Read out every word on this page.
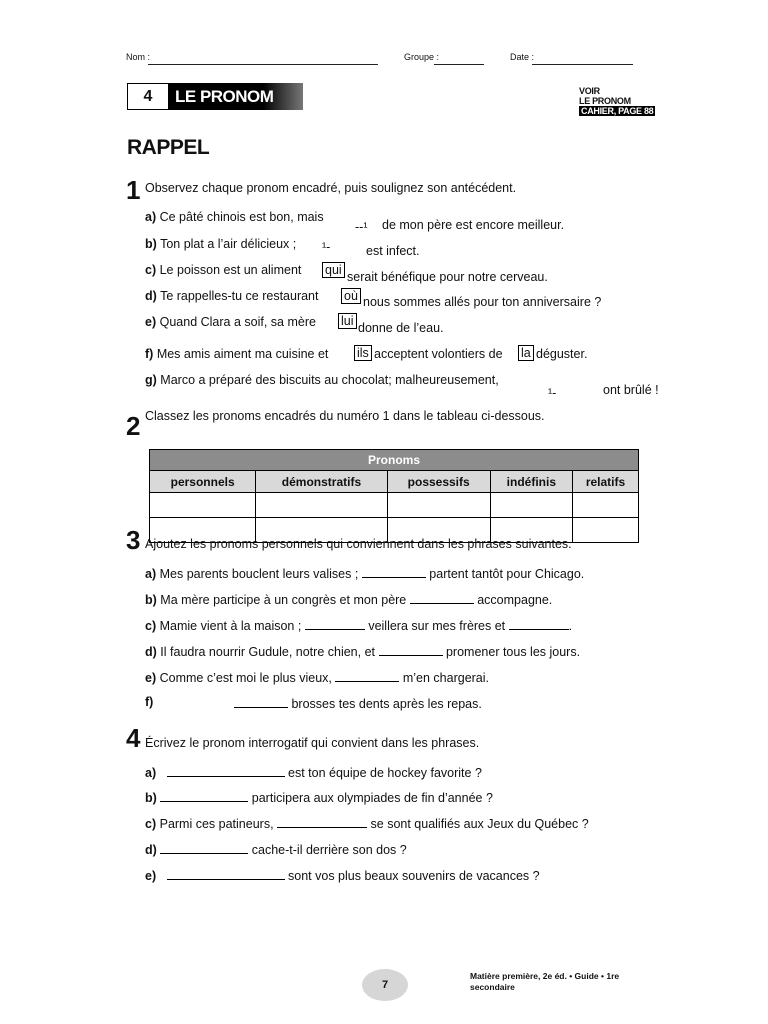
Nom :	Groupe :	Date :
4	LE PRONOM	VOIR
LE PRONOM
CAHIER, PAGE 88
RAPPEL
1 Observez chaque pronom encadré, puis soulignez son antécédent.
a) Ce pâté chinois est bon, mais
--¹ de mon père est encore meilleur.
b) Ton plat a l’air délicieux ; ¹-	est infect.
c) Le poisson est un aliment qui serait bénéfique pour notre cerveau.
d) Te rappelles-tu ce restaurant où nous sommes allés pour ton anniversaire ?
e) Quand Clara a soif, sa mère lui donne de l’eau.
f) Mes amis aiment ma cuisine et ils acceptent volontiers de la déguster.
g) Marco a préparé des biscuits au chocolat; malheureusement,
¹-	ont brûlé !
2 Classez les pronoms encadrés du numéro 1 dans le tableau ci-dessous.
Pronoms				
personnels	démonstratifs	possessifs	indéfinis	relatifs

3 Ajoutez les pronoms personnels qui conviennent dans les phrases suivantes.
a) Mes parents bouclent leurs valises ;	partent tantôt pour Chicago.
b) Ma mère participe à un congrès et mon père	accompagne.
c) Mamie vient à la maison ;	veillera sur mes frères et	.
d) Il faudra nourrir Gudule, notre chien, et	promener tous les jours.
e) Comme c’est moi le plus vieux,	m’en chargerai.
f)	brosses tes dents après les repas.
4 Écrivez le pronom interrogatif qui convient dans les phrases.
a)	est ton équipe de hockey favorite ?
b)	participera aux olympiades de fin d’année ?
c) Parmi ces patineurs,	se sont qualifiés aux Jeux du Québec ?
d)	cache-t-il derrière son dos ?
e)	sont vos plus beaux souvenirs de vacances ?
7
Matière première, 2e éd. • Guide • 1re
secondaire
